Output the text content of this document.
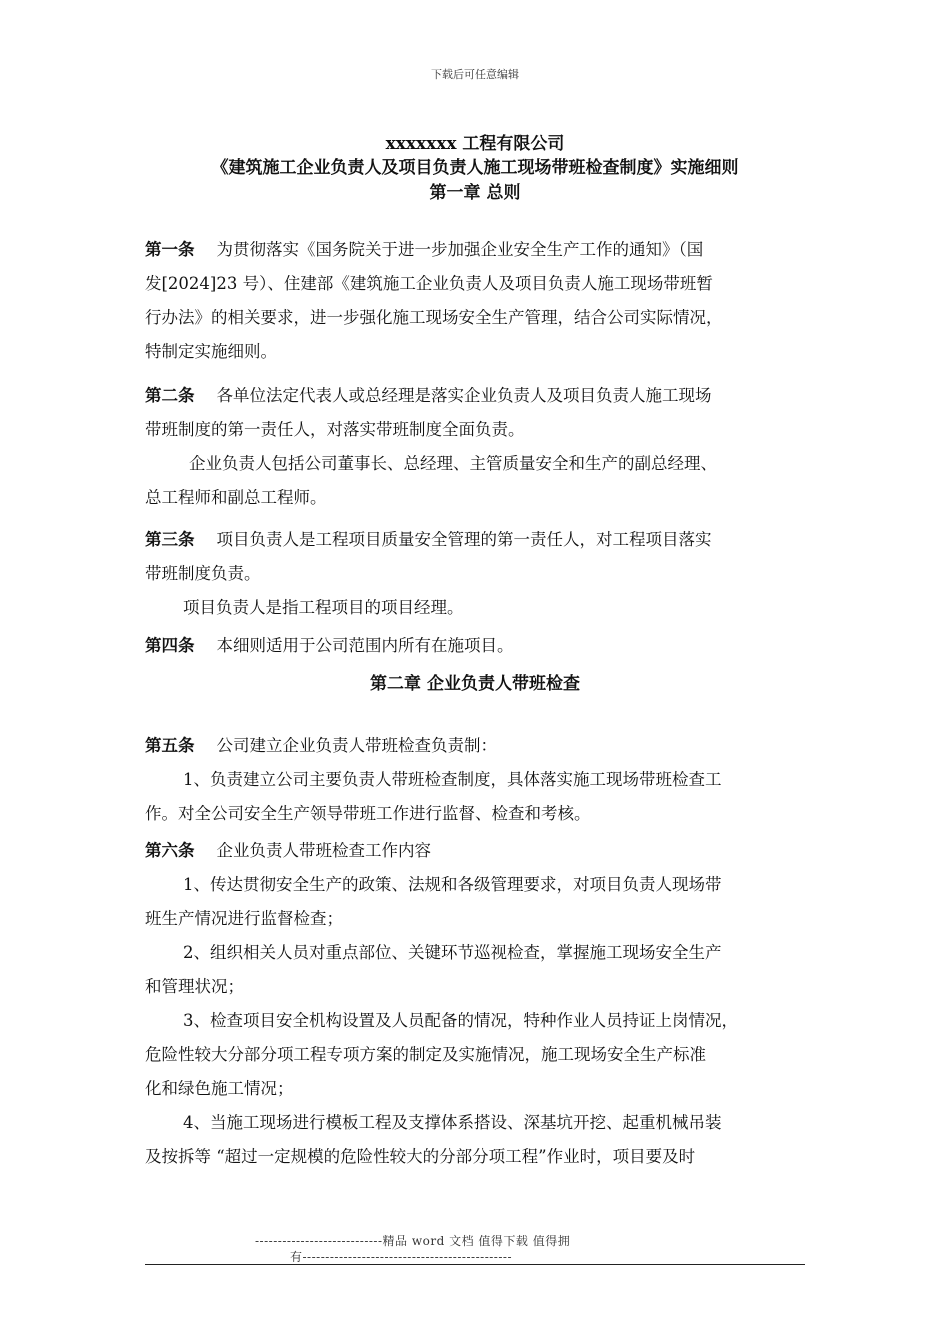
下载后可任意编辑
xxxxxxx 工程有限公司
《建筑施工企业负责人及项目负责人施工现场带班检查制度》实施细则
第一章 总则
第一条 为贯彻落实《国务院关于进一步加强企业安全生产工作的通知》（国
发[2024]23 号）、住建部《建筑施工企业负责人及项目负责人施工现场带班暂
行办法》的相关要求，进一步强化施工现场安全生产管理，结合公司实际情况，
特制定实施细则。
第二条 各单位法定代表人或总经理是落实企业负责人及项目负责人施工现场
带班制度的第一责任人，对落实带班制度全面负责。
企业负责人包括公司董事长、总经理、主管质量安全和生产的副总经理、
总工程师和副总工程师。
第三条 项目负责人是工程项目质量安全管理的第一责任人，对工程项目落实
带班制度负责。
项目负责人是指工程项目的项目经理。
第四条 本细则适用于公司范围内所有在施项目。
第二章 企业负责人带班检查
第五条 公司建立企业负责人带班检查负责制：
1、负责建立公司主要负责人带班检查制度，具体落实施工现场带班检查工
作。对全公司安全生产领导带班工作进行监督、检查和考核。
第六条 企业负责人带班检查工作内容
1、传达贯彻安全生产的政策、法规和各级管理要求，对项目负责人现场带
班生产情况进行监督检查；
2、组织相关人员对重点部位、关键环节巡视检查，掌握施工现场安全生产
和管理状况；
3、检查项目安全机构设置及人员配备的情况，特种作业人员持证上岗情况，
危险性较大分部分项工程专项方案的制定及实施情况，施工现场安全生产标准
化和绿色施工情况；
4、当施工现场进行模板工程及支撑体系搭设、深基坑开挖、起重机械吊装
及按拆等 “超过一定规模的危险性较大的分部分项工程”作业时，项目要及时
----------------------------精品 word 文档 值得下载 值得拥
有----------------------------------------------
